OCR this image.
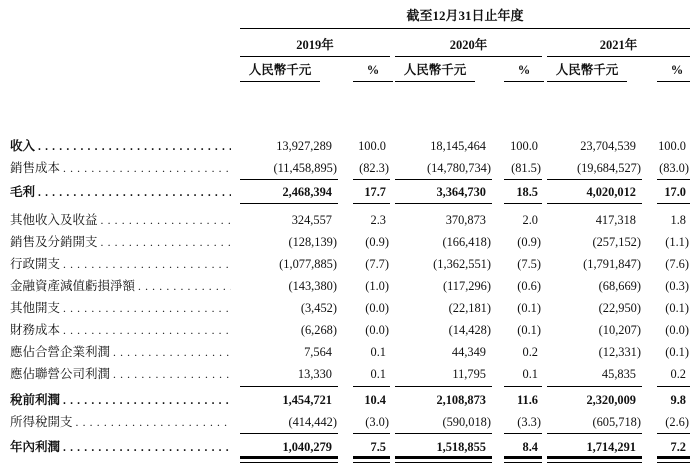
截至12月31日止年度
2019年	2020年	2021年
人民幣千元	%	人民幣千元	%	人民幣千元	%
收入 .....	13,927,289	100.0	18,145,464	100.0	23,704,539	100.0
銷售成本 .....	(11,458,895)	(82.3)	(14,780,734)	(81.5)	(19,684,527) (83.0)
毛利 .....	2,468,394	17.7	3,364,730	18.5	4,020,012	17.0
其他收入及收益 .....	324,557	2.3	370,873	2.0	417,318	1.8
銷售及分銷開支 .....	(128,139)	(0.9)	(166,418)	(0.9)	(257,152)	(1.1)
行政開支 .....	(1,077,885)	(7.7)	(1,362,551)	(7.5)	(1,791,847)	(7.6)
金融資產減值虧損淨額 .....	(143,380)	(1.0)	(117,296)	(0.6)	(68,669)	(0.3)
其他開支 .....	(3,452)	(0.0)	(22,181)	(0.1)	(22,950)	(0.1)
財務成本 .....	(6,268)	(0.0)	(14,428)	(0.1)	(10,207)	(0.0)
應佔合營企業利潤 .....	7,564	0.1	44,349	0.2	(12,331)	(0.1)
應佔聯營公司利潤 .....	13,330	0.1	11,795	0.1	45,835	0.2
稅前利潤 .....	1,454,721	10.4	2,108,873	11.6	2,320,009	9.8
所得稅開支 .....	(414,442)	(3.0)	(590,018)	(3.3)	(605,718)	(2.6)
年內利潤 .....	1,040,279	7.5	1,518,855	8.4	1,714,291	7.2
